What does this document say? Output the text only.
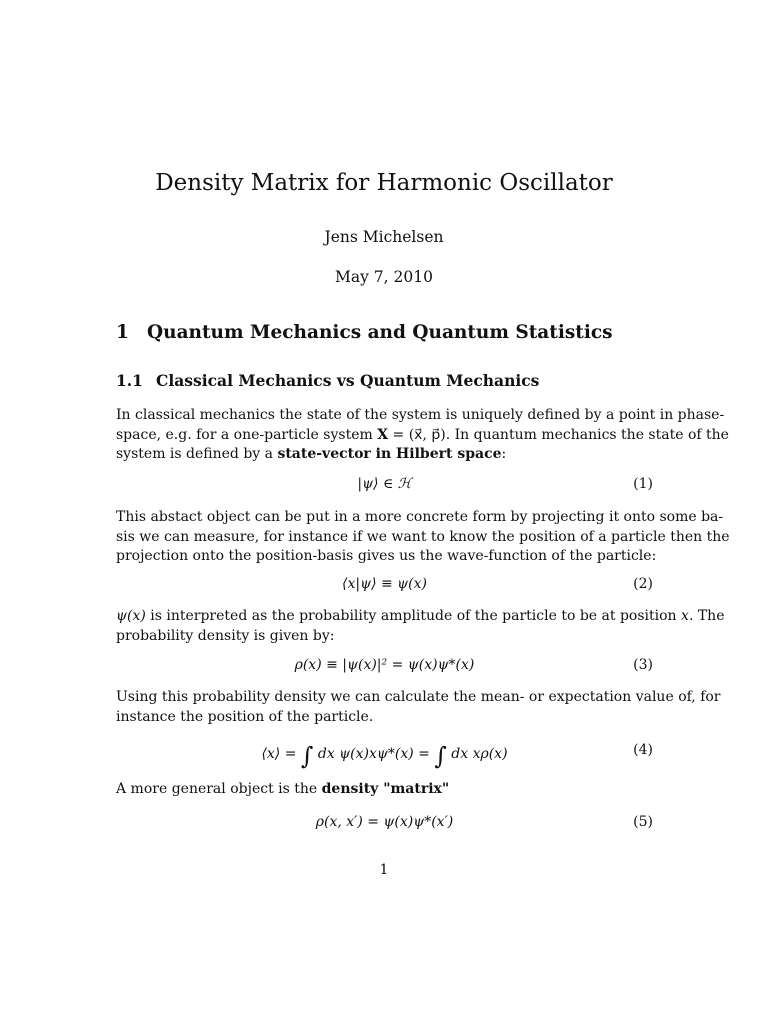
Density Matrix for Harmonic Oscillator
Jens Michelsen
May 7, 2010
1 Quantum Mechanics and Quantum Statistics
1.1 Classical Mechanics vs Quantum Mechanics
In classical mechanics the state of the system is uniquely defined by a point in phase-
space, e.g. for a one-particle system X = (x⃗, p⃗). In quantum mechanics the state of the
system is defined by a state-vector in Hilbert space:
|ψ⟩ ∈ ℋ	(1)
This abstact object can be put in a more concrete form by projecting it onto some ba-
sis we can measure, for instance if we want to know the position of a particle then the
projection onto the position-basis gives us the wave-function of the particle:
⟨x|ψ⟩ ≡ ψ(x)	(2)
ψ(x) is interpreted as the probability amplitude of the particle to be at position x. The
probability density is given by:
ρ(x) ≡ |ψ(x)|² = ψ(x)ψ*(x)	(3)
Using this probability density we can calculate the mean- or expectation value of, for
instance the position of the particle.
⟨x⟩ = ∫ dx ψ(x)xψ*(x) = ∫ dx xρ(x)	(4)
A more general object is the density "matrix"
ρ(x, x′) = ψ(x)ψ*(x′)	(5)
1
